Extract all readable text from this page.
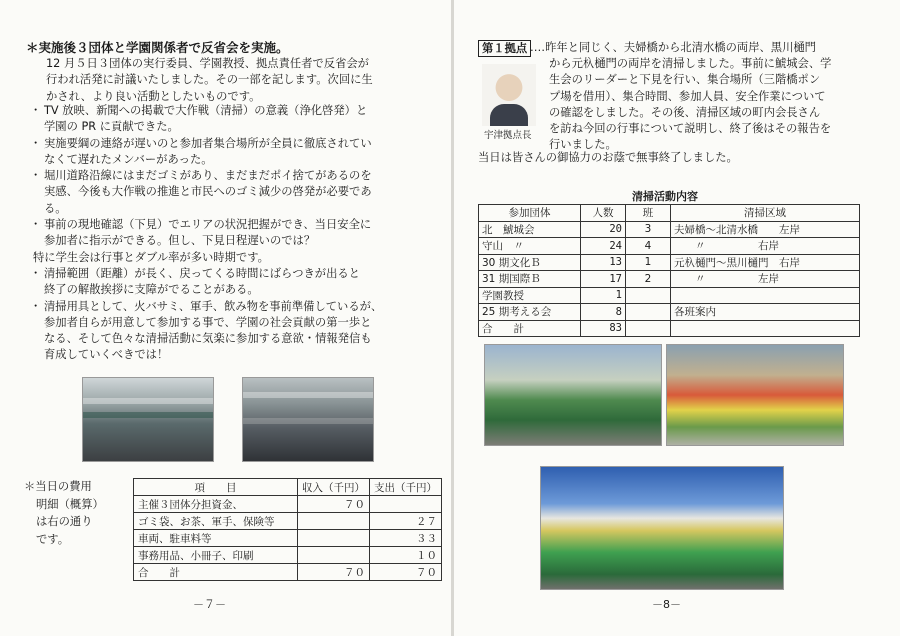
＊実施後３団体と学園関係者で反省会を実施。
12 月５日３団体の実行委員、学園教授、拠点責任者で反省会が
行われ活発に討議いたしました。その一部を記します。次回に生
かされ、より良い活動としたいものです。
・ TV 放映、新聞への掲載で大作戦（清掃）の意義（浄化啓発）と
学園の PR に貢献できた。
・ 実施要綱の連絡が遅いのと参加者集合場所が全員に徹底されてい
なくて遅れたメンバーがあった。
・ 堀川道路沿線にはまだゴミがあり、まだまだポイ捨てがあるのを
実感、今後も大作戦の推進と市民へのゴミ減少の啓発が必要であ
る。
・ 事前の現地確認（下見）でエリアの状況把握ができ、当日安全に
参加者に指示ができる。但し、下見日程遅いのでは？
特に学生会は行事とダブル率が多い時期です。
・ 清掃範囲（距離）が長く、戻ってくる時間にばらつきが出ると
終了の解散挨拶に支障がでることがある。
・ 清掃用具として、火バサミ、軍手、飲み物を事前準備しているが、
参加者自らが用意して参加する事で、学園の社会貢献の第一歩と
なる、そして色々な清掃活動に気楽に参加する意欲・情報発信も
育成していくべきでは！
＊当日の費用
明細（概算）
は右の通り
です。
項　　目	収入（千円）	支出（千円）
主催３団体分担資金、	７０	
ゴミ袋、お茶、軍手、保険等		２７
車両、駐車料等		３３
事務用品、小冊子、印刷		１０
合　　計	７０	７０
－７－
第１拠点 ‥‥昨年と同じく、夫婦橋から北清水橋の両岸、黒川樋門
から元杁樋門の両岸を清掃しました。事前に鯱城会、学
生会のリーダーと下見を行い、集合場所（三階橋ポン
プ場を借用）、集合時間、参加人員、安全作業について
の確認をしました。その後、清掃区域の町内会長さん
を訪ね今回の行事について説明し、終了後はその報告を
行いました。
宇津拠点長
当日は皆さんの御協力のお蔭で無事終了しました。
清掃活動内容
参加団体	人数	班	清掃区域
北　鯱城会	20	3	夫婦橋～北清水橋　　左岸
守山　〃	24	4	　　〃　　　　　右岸
30 期文化Ｂ	13	1	元杁樋門～黒川樋門　右岸
31 期国際Ｂ	17	2	　　〃　　　　　左岸
学園教授	1		
25 期考える会	8		各班案内
合　　計	83		
－8－
